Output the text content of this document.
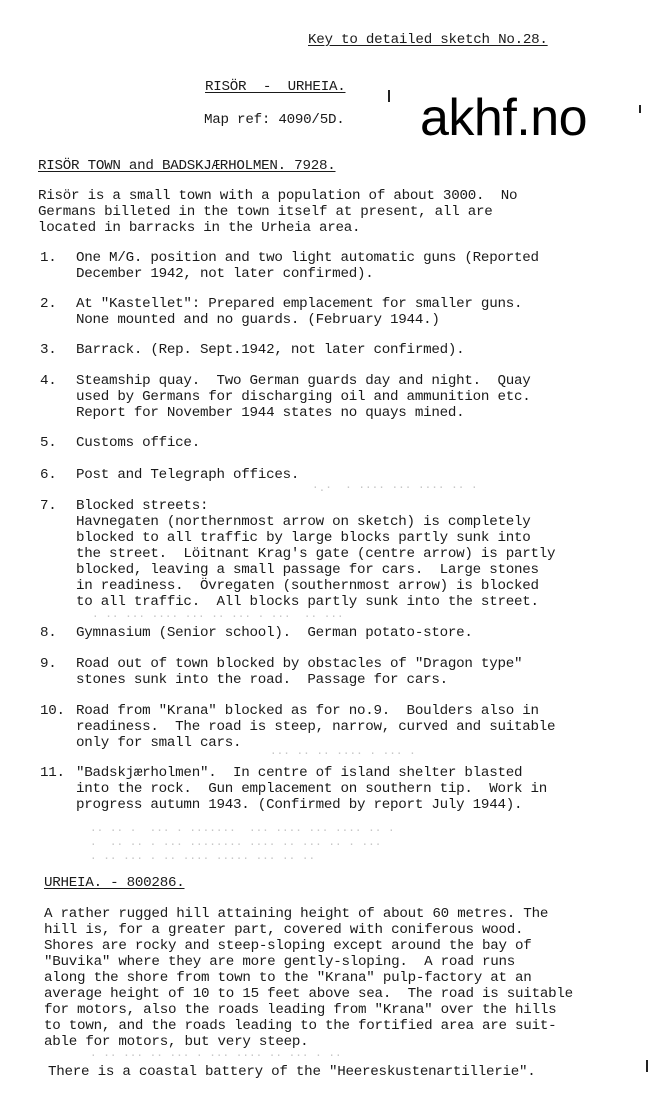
Key to detailed sketch No.28.
RISÖR  -  URHEIA.
Map ref: 4090/5D. akhf.no
RISÖR TOWN and BADSKJÆRHOLMEN. 7928.
Risör is a small town with a population of about 3000.  No
Germans billeted in the town itself at present, all are
located in barracks in the Urheia area.
1. One M/G. position and two light automatic guns (Reported
December 1942, not later confirmed).
2. At "Kastellet": Prepared emplacement for smaller guns.
None mounted and no guards. (February 1944.)
3. Barrack. (Rep. Sept.1942, not later confirmed).
4. Steamship quay.  Two German guards day and night.  Quay
used by Germans for discharging oil and ammunition etc.
Report for November 1944 states no quays mined.
5. Customs office.
6. Post and Telegraph offices.
·.·  · ···· ··· ···· ·· ·
7. Blocked streets:
Havnegaten (northernmost arrow on sketch) is completely
blocked to all traffic by large blocks partly sunk into
the street.  Löitnant Krag's gate (centre arrow) is partly
blocked, leaving a small passage for cars.  Large stones
in readiness.  Övregaten (southernmost arrow) is blocked
to all traffic.  All blocks partly sunk into the street.
· ·· ··· ···· ··· ·· ··· · ···  ·· ···
8. Gymnasium (Senior school).  German potato-store.
9. Road out of town blocked by obstacles of "Dragon type"
stones sunk into the road.  Passage for cars.
10. Road from "Krana" blocked as for no.9.  Boulders also in
readiness.  The road is steep, narrow, curved and suitable
only for small cars.
··· ·· ·· ···· · ··· ·
11. "Badskjærholmen".  In centre of island shelter blasted
into the rock.  Gun emplacement on southern tip.  Work in
progress autumn 1943. (Confirmed by report July 1944).
·· ·· ·  ··· · ·······  ··· ···· ··· ···· ·· ·
·  ·· ·· · ··· ········ ···· ·· ··· ·· · ···
· ·· ··· · ·· ···· ····· ··· ·· ··
URHEIA. - 800286.
A rather rugged hill attaining height of about 60 metres. The
hill is, for a greater part, covered with coniferous wood.
Shores are rocky and steep-sloping except around the bay of
"Buvika" where they are more gently-sloping.  A road runs
along the shore from town to the "Krana" pulp-factory at an
average height of 10 to 15 feet above sea.  The road is suitable
for motors, also the roads leading from "Krana" over the hills
to town, and the roads leading to the fortified area are suit-
able for motors, but very steep.
· ·· ··· ·· ··· · ··· ···· ·· ··· · ··
There is a coastal battery of the "Heereskustenartillerie".
